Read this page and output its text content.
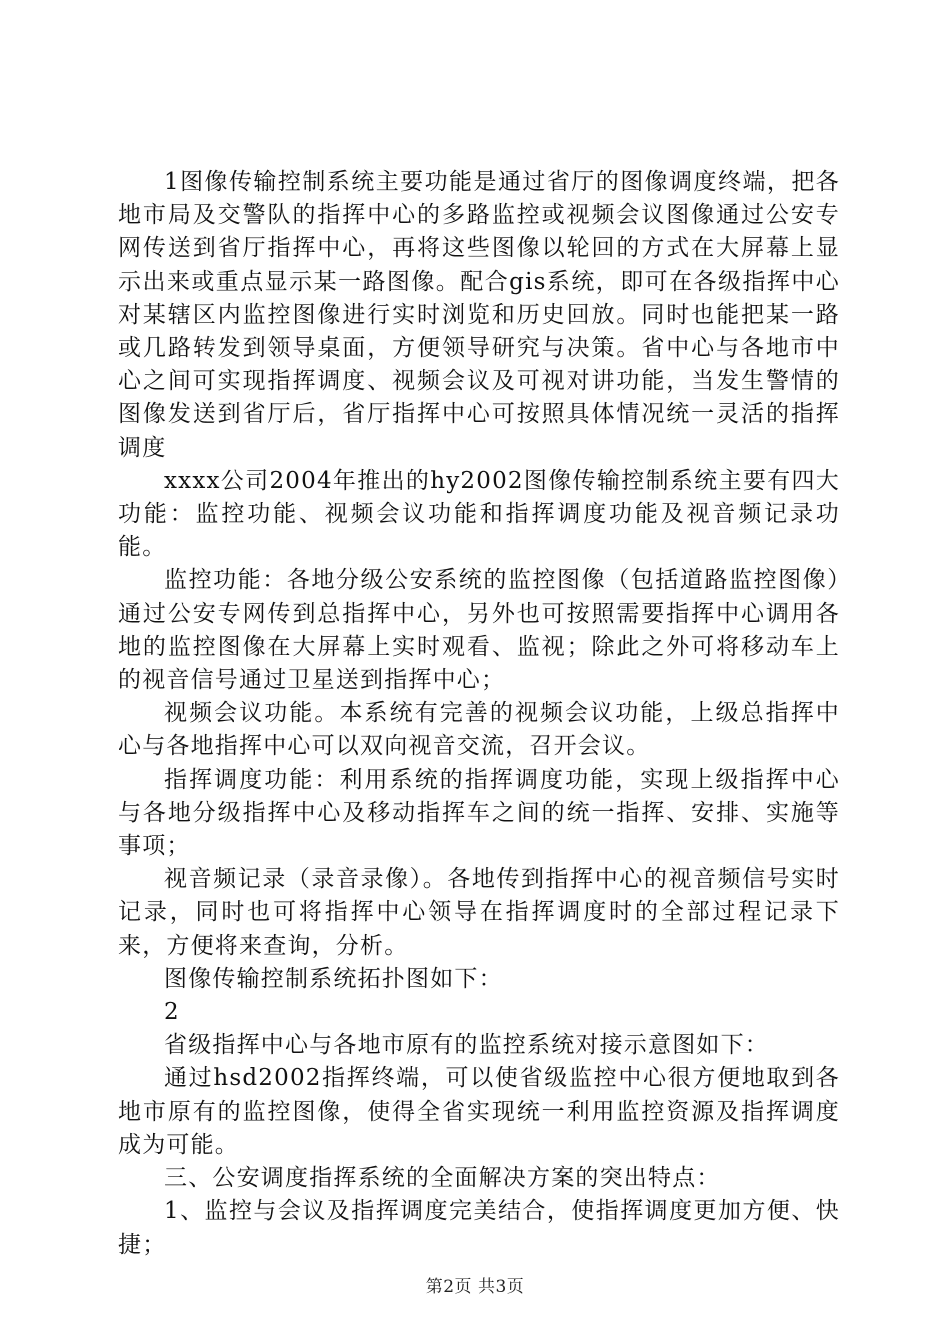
1图像传输控制系统主要功能是通过省厅的图像调度终端，把各地市局及交警队的指挥中心的多路监控或视频会议图像通过公安专网传送到省厅指挥中心，再将这些图像以轮回的方式在大屏幕上显示出来或重点显示某一路图像。配合gis系统，即可在各级指挥中心对某辖区内监控图像进行实时浏览和历史回放。同时也能把某一路或几路转发到领导桌面，方便领导研究与决策。省中心与各地市中心之间可实现指挥调度、视频会议及可视对讲功能，当发生警情的图像发送到省厅后，省厅指挥中心可按照具体情况统一灵活的指挥调度

xxxx公司2004年推出的hy2002图像传输控制系统主要有四大功能：监控功能、视频会议功能和指挥调度功能及视音频记录功能。

监控功能：各地分级公安系统的监控图像（包括道路监控图像）通过公安专网传到总指挥中心，另外也可按照需要指挥中心调用各地的监控图像在大屏幕上实时观看、监视；除此之外可将移动车上的视音信号通过卫星送到指挥中心；

视频会议功能。本系统有完善的视频会议功能，上级总指挥中心与各地指挥中心可以双向视音交流，召开会议。

指挥调度功能：利用系统的指挥调度功能，实现上级指挥中心与各地分级指挥中心及移动指挥车之间的统一指挥、安排、实施等事项；

视音频记录（录音录像）。各地传到指挥中心的视音频信号实时记录，同时也可将指挥中心领导在指挥调度时的全部过程记录下来，方便将来查询，分析。

图像传输控制系统拓扑图如下：

2

省级指挥中心与各地市原有的监控系统对接示意图如下：

通过hsd2002指挥终端，可以使省级监控中心很方便地取到各地市原有的监控图像，使得全省实现统一利用监控资源及指挥调度成为可能。

三、公安调度指挥系统的全面解决方案的突出特点：

1、监控与会议及指挥调度完美结合，使指挥调度更加方便、快捷；

第2页 共3页
